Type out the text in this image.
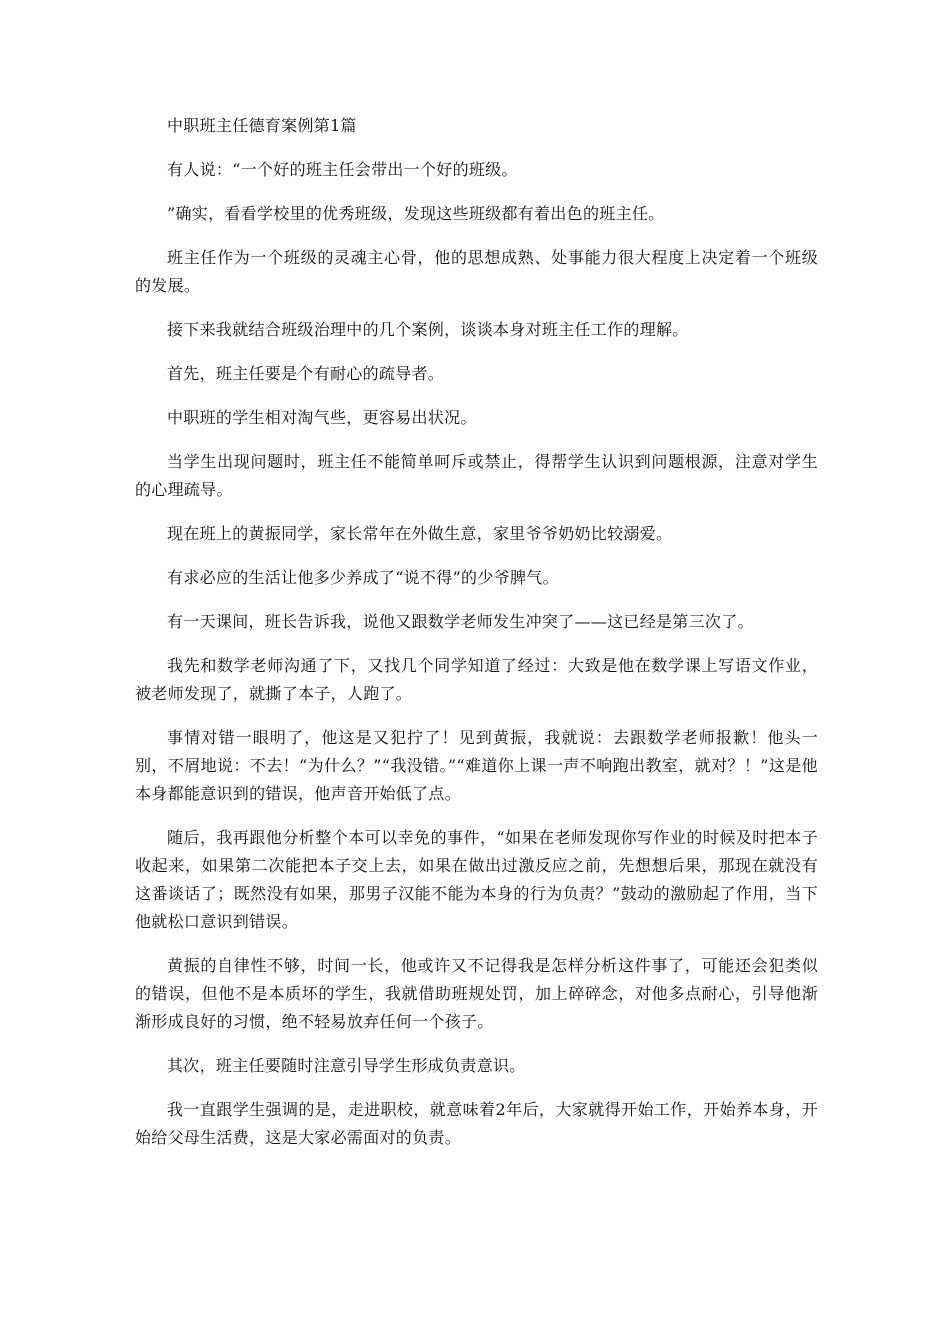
中职班主任德育案例第1篇

有人说：“一个好的班主任会带出一个好的班级。

”确实，看看学校里的优秀班级，发现这些班级都有着出色的班主任。

班主任作为一个班级的灵魂主心骨，他的思想成熟、处事能力很大程度上决定着一个班级的发展。

接下来我就结合班级治理中的几个案例，谈谈本身对班主任工作的理解。

首先，班主任要是个有耐心的疏导者。

中职班的学生相对淘气些，更容易出状况。

当学生出现问题时，班主任不能简单呵斥或禁止，得帮学生认识到问题根源，注意对学生的心理疏导。

现在班上的黄振同学，家长常年在外做生意，家里爷爷奶奶比较溺爱。

有求必应的生活让他多少养成了“说不得”的少爷脾气。

有一天课间，班长告诉我，说他又跟数学老师发生冲突了——这已经是第三次了。

我先和数学老师沟通了下，又找几个同学知道了经过：大致是他在数学课上写语文作业，被老师发现了，就撕了本子，人跑了。

事情对错一眼明了，他这是又犯拧了！见到黄振，我就说：去跟数学老师报歉！他头一别，不屑地说：不去！“为什么？”“我没错。”“难道你上课一声不响跑出教室，就对？！”这是他本身都能意识到的错误，他声音开始低了点。

随后，我再跟他分析整个本可以幸免的事件，“如果在老师发现你写作业的时候及时把本子收起来，如果第二次能把本子交上去，如果在做出过激反应之前，先想想后果，那现在就没有这番谈话了；既然没有如果，那男子汉能不能为本身的行为负责？”鼓动的激励起了作用，当下他就松口意识到错误。

黄振的自律性不够，时间一长，他或许又不记得我是怎样分析这件事了，可能还会犯类似的错误，但他不是本质坏的学生，我就借助班规处罚，加上碎碎念，对他多点耐心，引导他渐渐形成良好的习惯，绝不轻易放弃任何一个孩子。

其次，班主任要随时注意引导学生形成负责意识。

我一直跟学生强调的是，走进职校，就意味着2年后，大家就得开始工作，开始养本身，开始给父母生活费，这是大家必需面对的负责。
